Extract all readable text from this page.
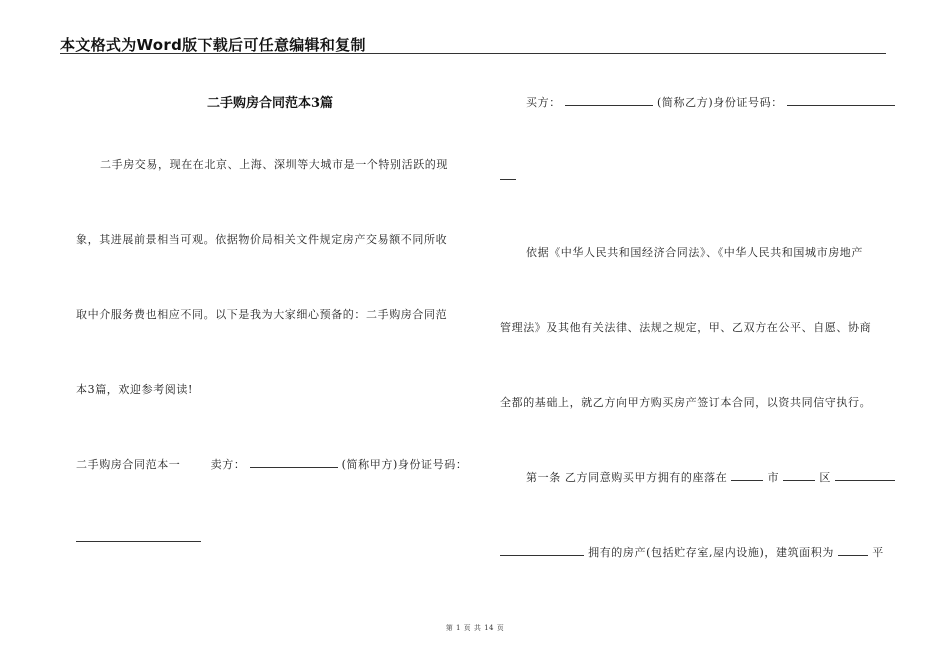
本文格式为Word版下载后可任意编辑和复制
二手购房合同范本3篇
二手房交易，现在在北京、上海、深圳等大城市是一个特别活跃的现
象，其进展前景相当可观。依据物价局相关文件规定房产交易额不同所收
取中介服务费也相应不同。以下是我为大家细心预备的：二手购房合同范
本3篇，欢迎参考阅读!
二手购房合同范本一	卖方：	(简称甲方)身份证号码：
买方：	(简称乙方)身份证号码：
依据《中华人民共和国经济合同法》、《中华人民共和国城市房地产
管理法》及其他有关法律、法规之规定，甲、乙双方在公平、自愿、协商
全都的基础上，就乙方向甲方购买房产签订本合同，以资共同信守执行。
第一条 乙方同意购买甲方拥有的座落在	市	区
拥有的房产(包括贮存室,屋内设施)，建筑面积为	平
第 1 页 共 14 页
